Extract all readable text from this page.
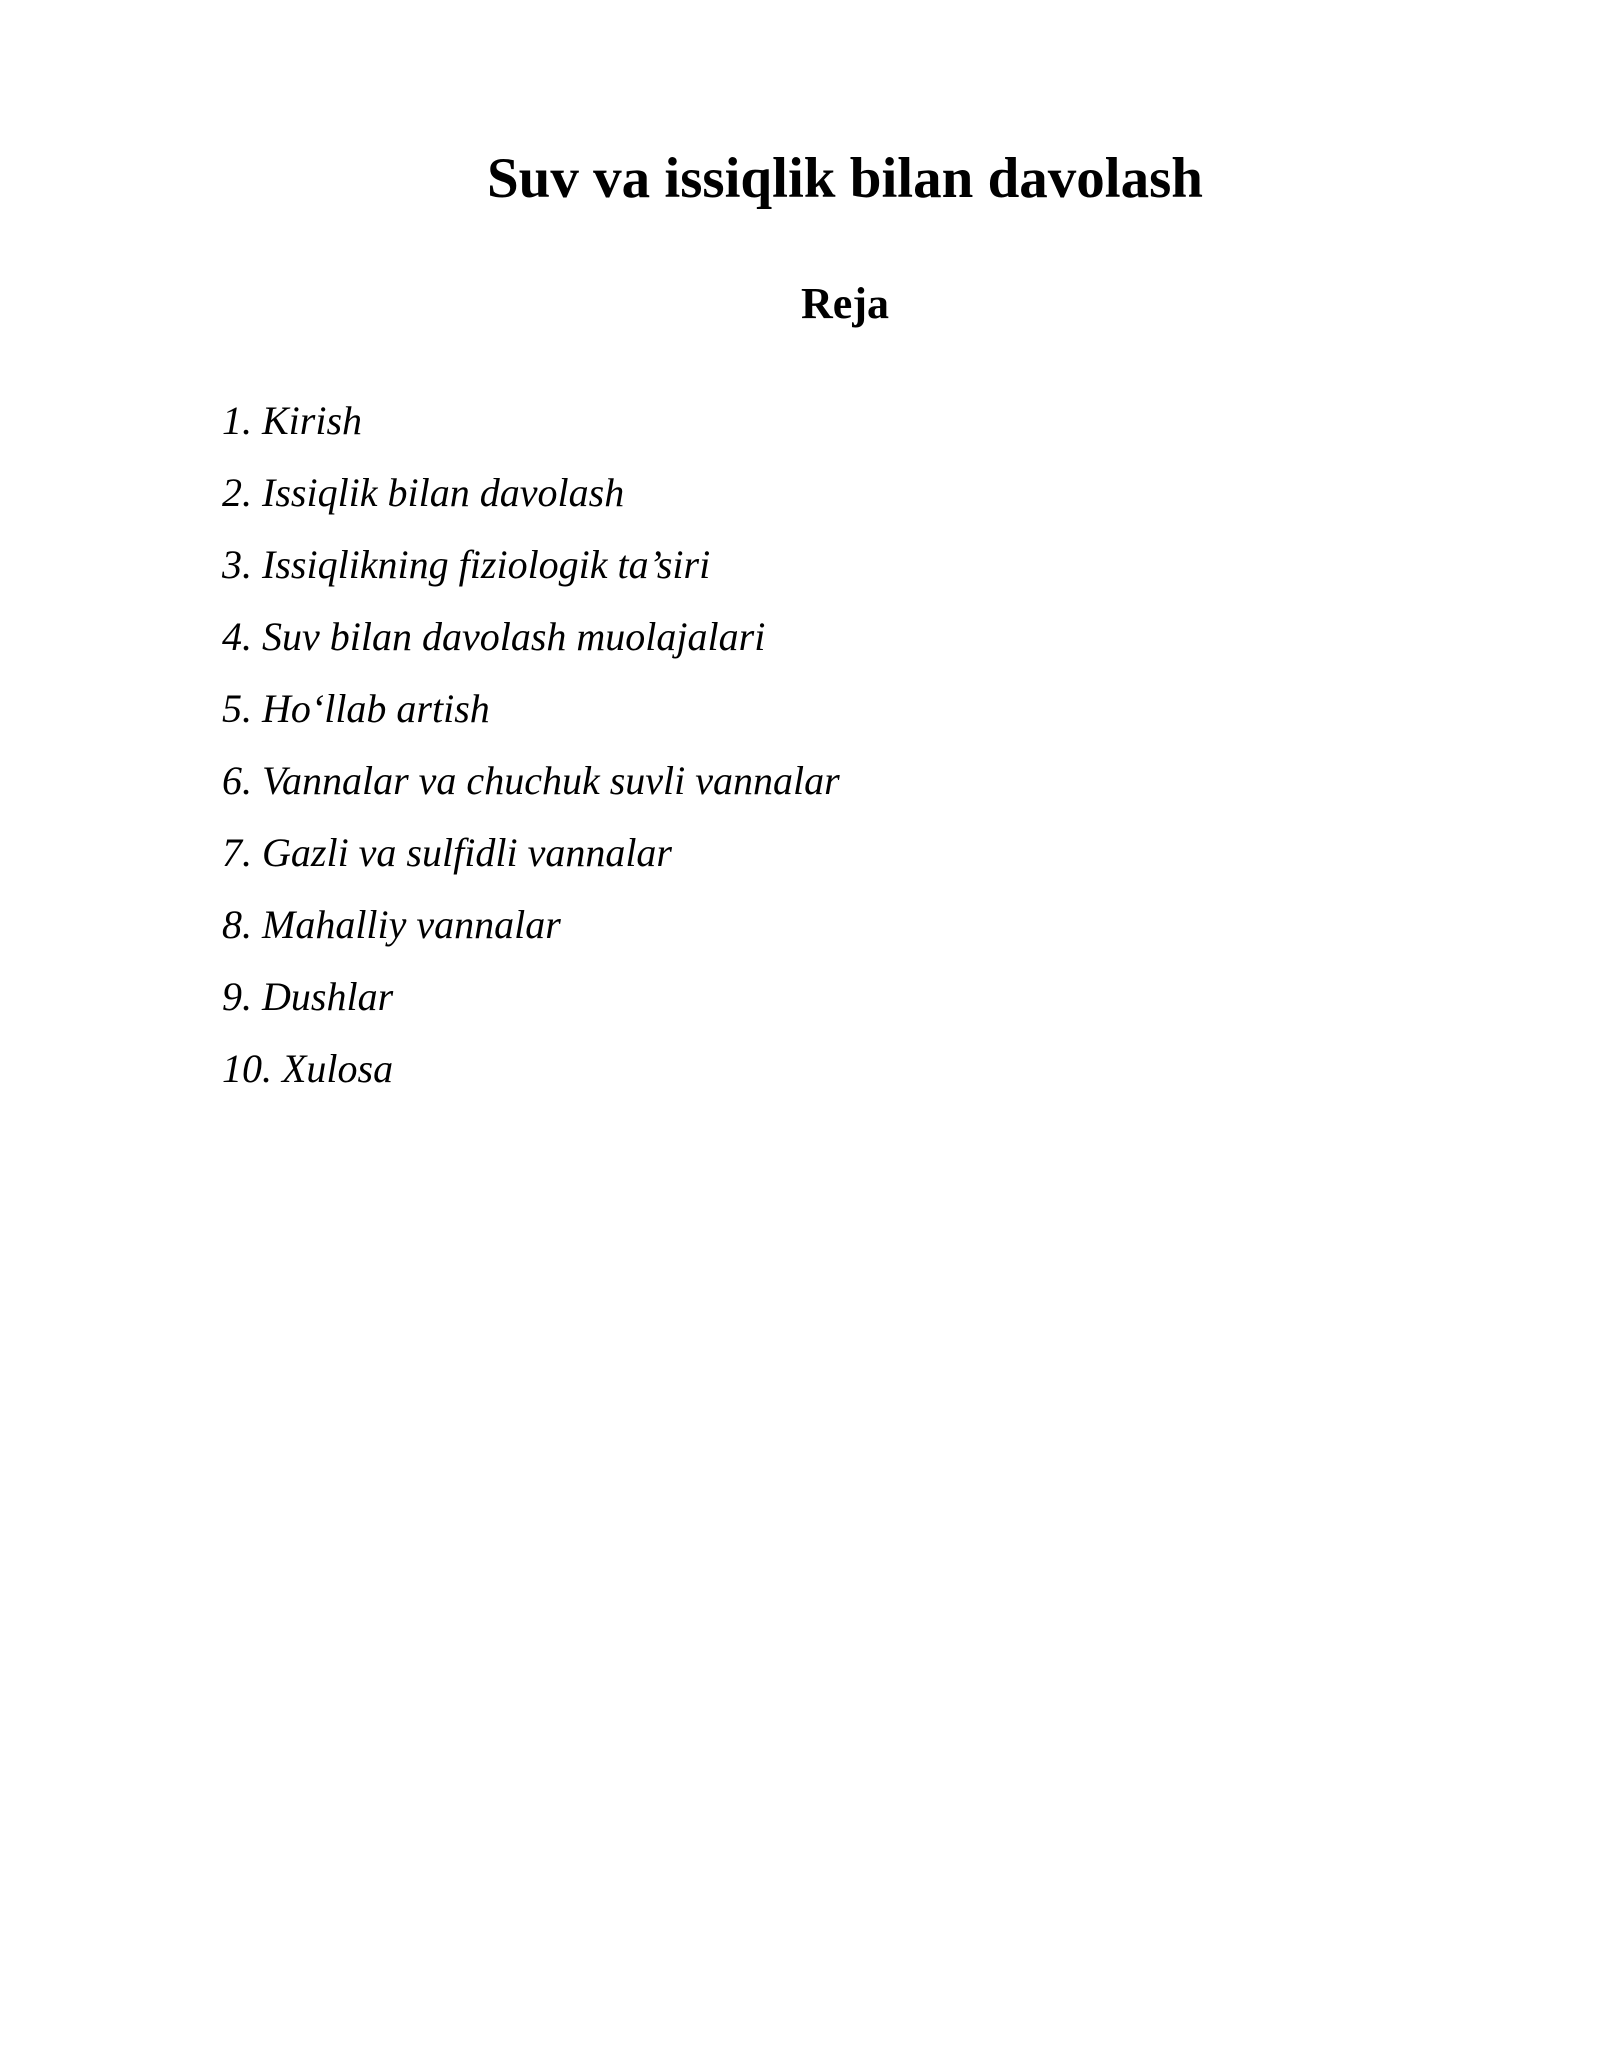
Suv va issiqlik bilan davolash
Reja
1. Kirish
2. Issiqlik bilan davolash
3. Issiqlikning fiziologik ta’siri
4. Suv bilan davolash muolajalari
5. Ho‘llab artish
6. Vannalar va chuchuk suvli vannalar
7. Gazli va sulfidli vannalar
8. Mahalliy vannalar
9. Dushlar
10. Xulosa
